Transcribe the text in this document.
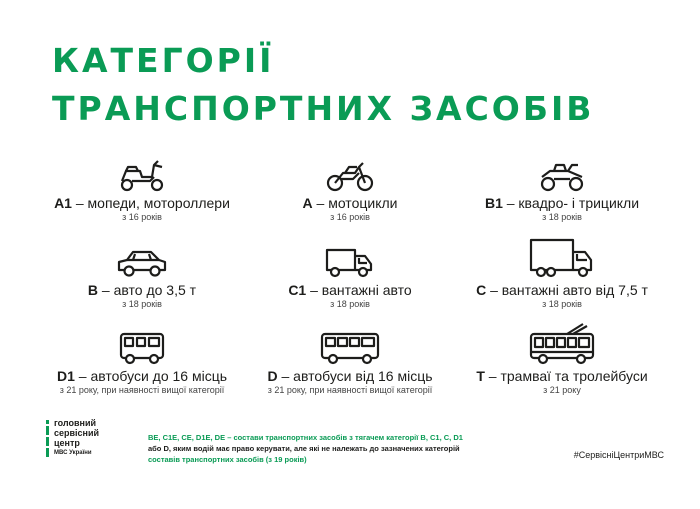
КАТЕГОРІЇ
ТРАНСПОРТНИХ ЗАСОБІВ
A1 – мопеди, мотороллери
з 16 років
A – мотоцикли
з 16 років
B1 – квадро- і трицикли
з 18 років
B – авто до 3,5 т
з 18 років
C1 – вантажні авто
з 18 років
C – вантажні авто від 7,5 т
з 18 років
D1 – автобуси до 16 місць
з 21 року, при наявності вищої категорії
D – автобуси від 16 місць
з 21 року, при наявності вищої категорії
T – трамваї та тролейбуси
з 21 року
головний
сервісний
центр
МВС України
BE, C1E, CE, D1E, DE – состави транспортних засобів з тягачем категорії B, C1, C, D1
або D, яким водій має право керувати, але які не належать до зазначених категорій
составів транспортних засобів (з 19 років)	#СервісніЦентриМВС
